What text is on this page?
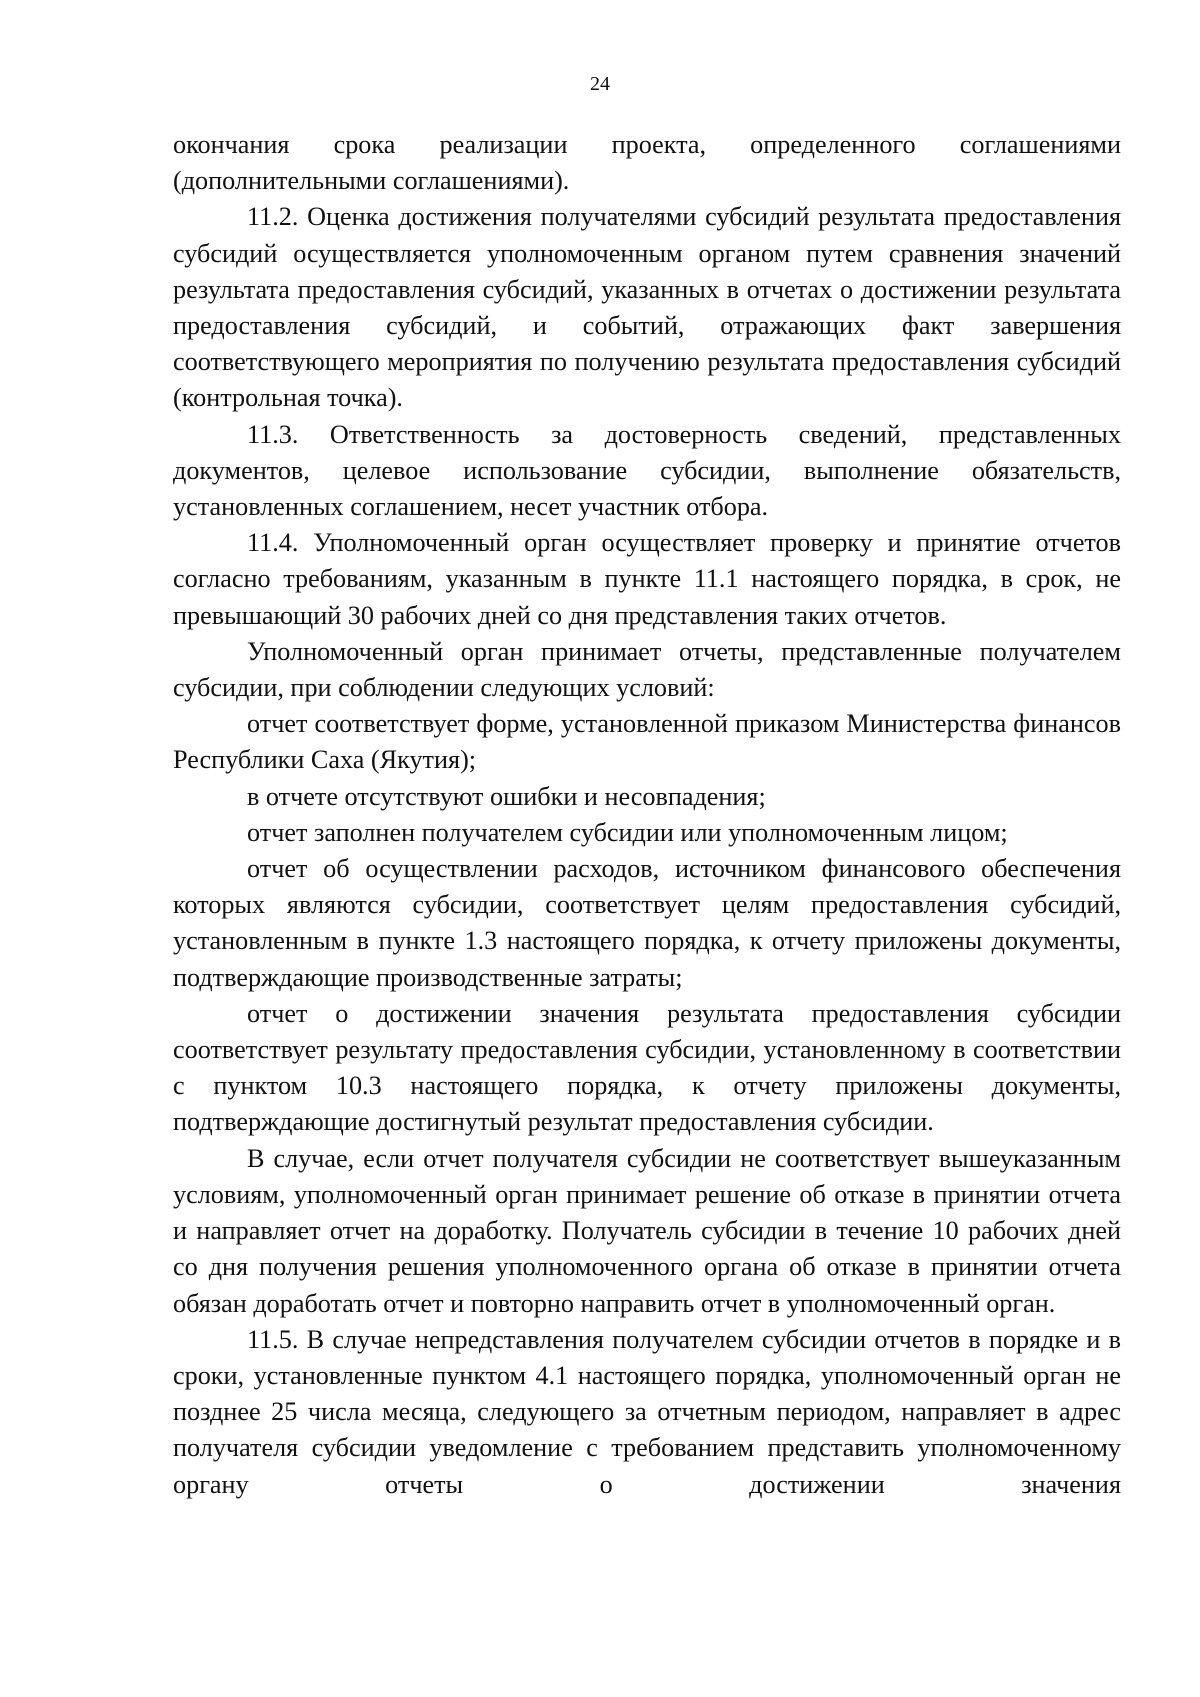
24

окончания срока реализации проекта, определенного соглашениями (дополнительными соглашениями).

11.2. Оценка достижения получателями субсидий результата предоставления субсидий осуществляется уполномоченным органом путем сравнения значений результата предоставления субсидий, указанных в отчетах о достижении результата предоставления субсидий, и событий, отражающих факт завершения соответствующего мероприятия по получению результата предоставления субсидий (контрольная точка).

11.3. Ответственность за достоверность сведений, представленных документов, целевое использование субсидии, выполнение обязательств, установленных соглашением, несет участник отбора.

11.4. Уполномоченный орган осуществляет проверку и принятие отчетов согласно требованиям, указанным в пункте 11.1 настоящего порядка, в срок, не превышающий 30 рабочих дней со дня представления таких отчетов.

Уполномоченный орган принимает отчеты, представленные получателем субсидии, при соблюдении следующих условий:

отчет соответствует форме, установленной приказом Министерства финансов Республики Саха (Якутия);

в отчете отсутствуют ошибки и несовпадения;

отчет заполнен получателем субсидии или уполномоченным лицом;

отчет об осуществлении расходов, источником финансового обеспечения которых являются субсидии, соответствует целям предоставления субсидий, установленным в пункте 1.3 настоящего порядка, к отчету приложены документы, подтверждающие производственные затраты;

отчет о достижении значения результата предоставления субсидии соответствует результату предоставления субсидии, установленному в соответствии с пунктом 10.3 настоящего порядка, к отчету приложены документы, подтверждающие достигнутый результат предоставления субсидии.

В случае, если отчет получателя субсидии не соответствует вышеуказанным условиям, уполномоченный орган принимает решение об отказе в принятии отчета и направляет отчет на доработку. Получатель субсидии в течение 10 рабочих дней со дня получения решения уполномоченного органа об отказе в принятии отчета обязан доработать отчет и повторно направить отчет в уполномоченный орган.

11.5. В случае непредставления получателем субсидии отчетов в порядке и в сроки, установленные пунктом 4.1 настоящего порядка, уполномоченный орган не позднее 25 числа месяца, следующего за отчетным периодом, направляет в адрес получателя субсидии уведомление с требованием представить уполномоченному органу отчеты о достижении значения
